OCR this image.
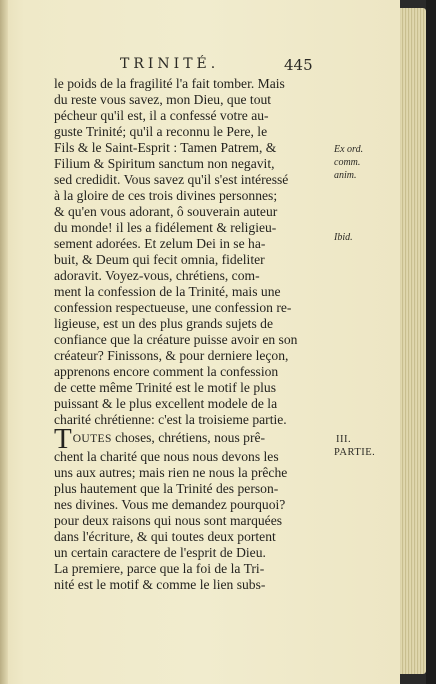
TRINITÉ.	445
le poids de la fragilité l'a fait tomber. Mais
du reste vous savez, mon Dieu, que tout
pécheur qu'il est, il a confessé votre au-
guste Trinité; qu'il a reconnu le Pere, le
Fils & le Saint-Esprit : Tamen Patrem, &
Filium & Spiritum sanctum non negavit,
sed credidit. Vous savez qu'il s'est intéressé
à la gloire de ces trois divines personnes;
& qu'en vous adorant, ô souverain auteur
du monde! il les a fidélement & religieu-
sement adorées. Et zelum Dei in se ha-
buit, & Deum qui fecit omnia, fideliter
adoravit. Voyez-vous, chrétiens, com-
ment la confession de la Trinité, mais une
confession respectueuse, une confession re-
ligieuse, est un des plus grands sujets de
confiance que la créature puisse avoir en son
créateur? Finissons, & pour derniere leçon,
apprenons encore comment la confession
de cette même Trinité est le motif le plus
puissant & le plus excellent modele de la
charité chrétienne: c'est la troisieme partie.
TOUTES choses, chrétiens, nous prê-
chent la charité que nous nous devons les
uns aux autres; mais rien ne nous la prêche
plus hautement que la Trinité des person-
nes divines. Vous me demandez pourquoi?
pour deux raisons qui nous sont marquées
dans l'écriture, & qui toutes deux portent
un certain caractere de l'esprit de Dieu.
La premiere, parce que la foi de la Tri-
nité est le motif & comme le lien subs-
Ex ord.
comm.
anim.
Ibid.
III.
PARTIE.
